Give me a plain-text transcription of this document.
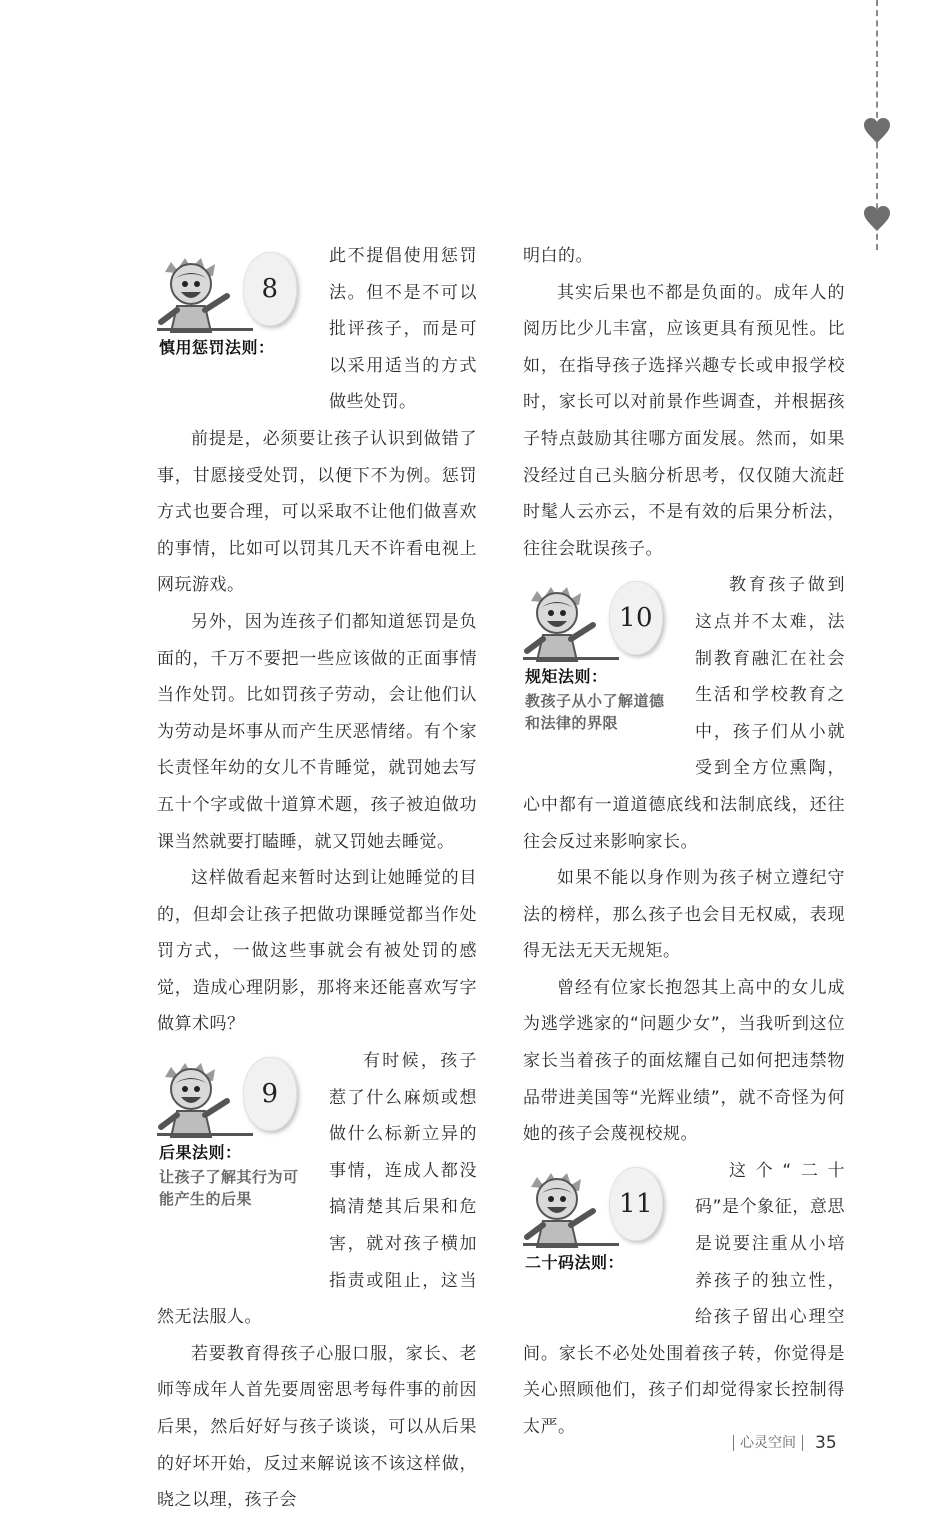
8
慎用惩罚法则：

此不提倡使用惩罚法。但不是不可以批评孩子，而是可以采用适当的方式做些处罚。

前提是，必须要让孩子认识到做错了事，甘愿接受处罚，以便下不为例。惩罚方式也要合理，可以采取不让他们做喜欢的事情，比如可以罚其几天不许看电视上网玩游戏。

另外，因为连孩子们都知道惩罚是负面的，千万不要把一些应该做的正面事情当作处罚。比如罚孩子劳动，会让他们认为劳动是坏事从而产生厌恶情绪。有个家长责怪年幼的女儿不肯睡觉，就罚她去写五十个字或做十道算术题，孩子被迫做功课当然就要打瞌睡，就又罚她去睡觉。

这样做看起来暂时达到让她睡觉的目的，但却会让孩子把做功课睡觉都当作处罚方式，一做这些事就会有被处罚的感觉，造成心理阴影，那将来还能喜欢写字做算术吗？

9
后果法则：
让孩子了解其行为可能产生的后果

有时候，孩子惹了什么麻烦或想做什么标新立异的事情，连成人都没搞清楚其后果和危害，就对孩子横加指责或阻止，这当然无法服人。

若要教育得孩子心服口服，家长、老师等成年人首先要周密思考每件事的前因后果，然后好好与孩子谈谈，可以从后果的好坏开始，反过来解说该不该这样做，晓之以理，孩子会

明白的。

其实后果也不都是负面的。成年人的阅历比少儿丰富，应该更具有预见性。比如，在指导孩子选择兴趣专长或申报学校时，家长可以对前景作些调查，并根据孩子特点鼓励其往哪方面发展。然而，如果没经过自己头脑分析思考，仅仅随大流赶时髦人云亦云，不是有效的后果分析法，往往会耽误孩子。

10
规矩法则：
教孩子从小了解道德和法律的界限

教育孩子做到这点并不太难，法制教育融汇在社会生活和学校教育之中，孩子们从小就受到全方位熏陶，心中都有一道道德底线和法制底线，还往往会反过来影响家长。

如果不能以身作则为孩子树立遵纪守法的榜样，那么孩子也会目无权威，表现得无法无天无规矩。

曾经有位家长抱怨其上高中的女儿成为逃学逃家的“问题少女”，当我听到这位家长当着孩子的面炫耀自己如何把违禁物品带进美国等“光辉业绩”，就不奇怪为何她的孩子会蔑视校规。

11
二十码法则：

这个“二十码”是个象征，意思是说要注重从小培养孩子的独立性，给孩子留出心理空间。家长不必处处围着孩子转，你觉得是关心照顾他们，孩子们却觉得家长控制得太严。

心灵空间 35
